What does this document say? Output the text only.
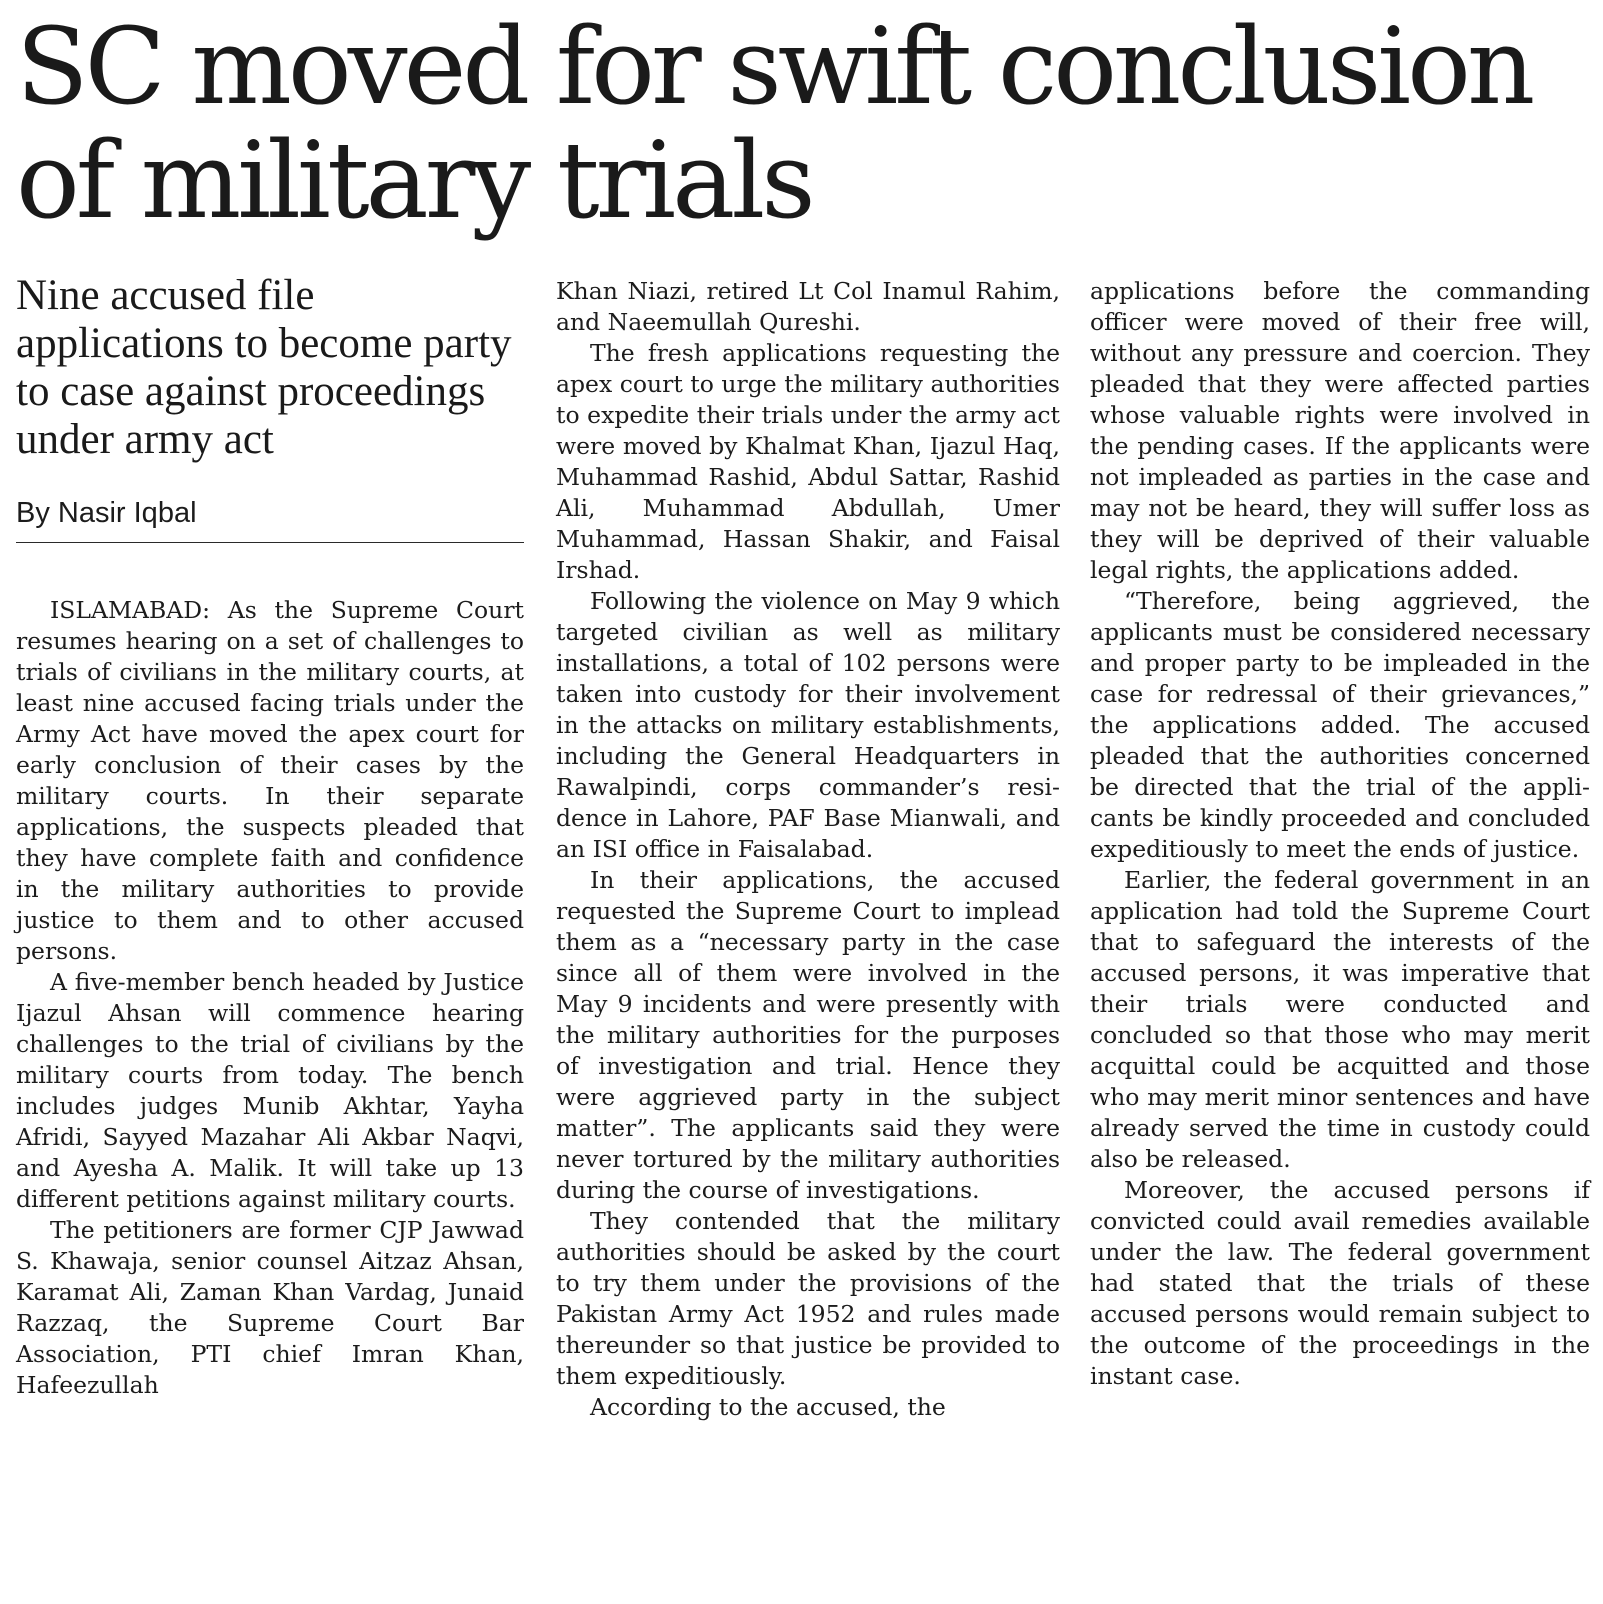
SC moved for swift conclusion
of military trials
Nine accused file applications to become party to case against proceedings under army act
By Nasir Iqbal

ISLAMABAD: As the Supreme Court resumes hearing on a set of challenges to trials of civilians in the military courts, at least nine accused facing trials under the Army Act have moved the apex court for early conclusion of their cases by the military courts. In their separate applications, the suspects pleaded that they have complete faith and confidence in the military authorities to provide justice to them and to other accused persons.

A five-member bench headed by Justice Ijazul Ahsan will commence hearing challenges to the trial of civilians by the military courts from today. The bench includes judges Munib Akhtar, Yayha Afridi, Sayyed Mazahar Ali Akbar Naqvi, and Ayesha A. Malik. It will take up 13 different petitions against military courts.

The petitioners are former CJP Jawwad S. Khawaja, senior counsel Aitzaz Ahsan, Karamat Ali, Zaman Khan Vardag, Junaid Razzaq, the Supreme Court Bar Association, PTI chief Imran Khan, Hafeezullah

Khan Niazi, retired Lt Col Inamul Rahim, and Naeemullah Qureshi.

The fresh applications requesting the apex court to urge the military authorities to expedite their trials under the army act were moved by Khalmat Khan, Ijazul Haq, Muhammad Rashid, Abdul Sattar, Rashid Ali, Muhammad Abdullah, Umer Muhammad, Hassan Shakir, and Faisal Irshad.

Following the violence on May 9 which targeted civilian as well as military installations, a total of 102 persons were taken into custody for their involvement in the attacks on military establishments, including the General Headquarters in Rawalpindi, corps commander’s residence in Lahore, PAF Base Mianwali, and an ISI office in Faisalabad.

In their applications, the accused requested the Supreme Court to implead them as a “necessary party in the case since all of them were involved in the May 9 incidents and were presently with the military authorities for the purposes of investigation and trial. Hence they were aggrieved party in the subject matter”. The applicants said they were never tortured by the military authorities during the course of investigations.

They contended that the military authorities should be asked by the court to try them under the provisions of the Pakistan Army Act 1952 and rules made thereunder so that justice be provided to them expeditiously.

According to the accused, the

applications before the commanding officer were moved of their free will, without any pressure and coercion. They pleaded that they were affected parties whose valuable rights were involved in the pending cases. If the applicants were not impleaded as parties in the case and may not be heard, they will suffer loss as they will be deprived of their valuable legal rights, the applications added.

“Therefore, being aggrieved, the applicants must be considered necessary and proper party to be impleaded in the case for redressal of their grievances,” the applications added. The accused pleaded that the authorities concerned be directed that the trial of the applicants be kindly proceeded and concluded expeditiously to meet the ends of justice.

Earlier, the federal government in an application had told the Supreme Court that to safeguard the interests of the accused persons, it was imperative that their trials were conducted and concluded so that those who may merit acquittal could be acquitted and those who may merit minor sentences and have already served the time in custody could also be released.

Moreover, the accused persons if convicted could avail remedies available under the law. The federal government had stated that the trials of these accused persons would remain subject to the outcome of the proceedings in the instant case.
